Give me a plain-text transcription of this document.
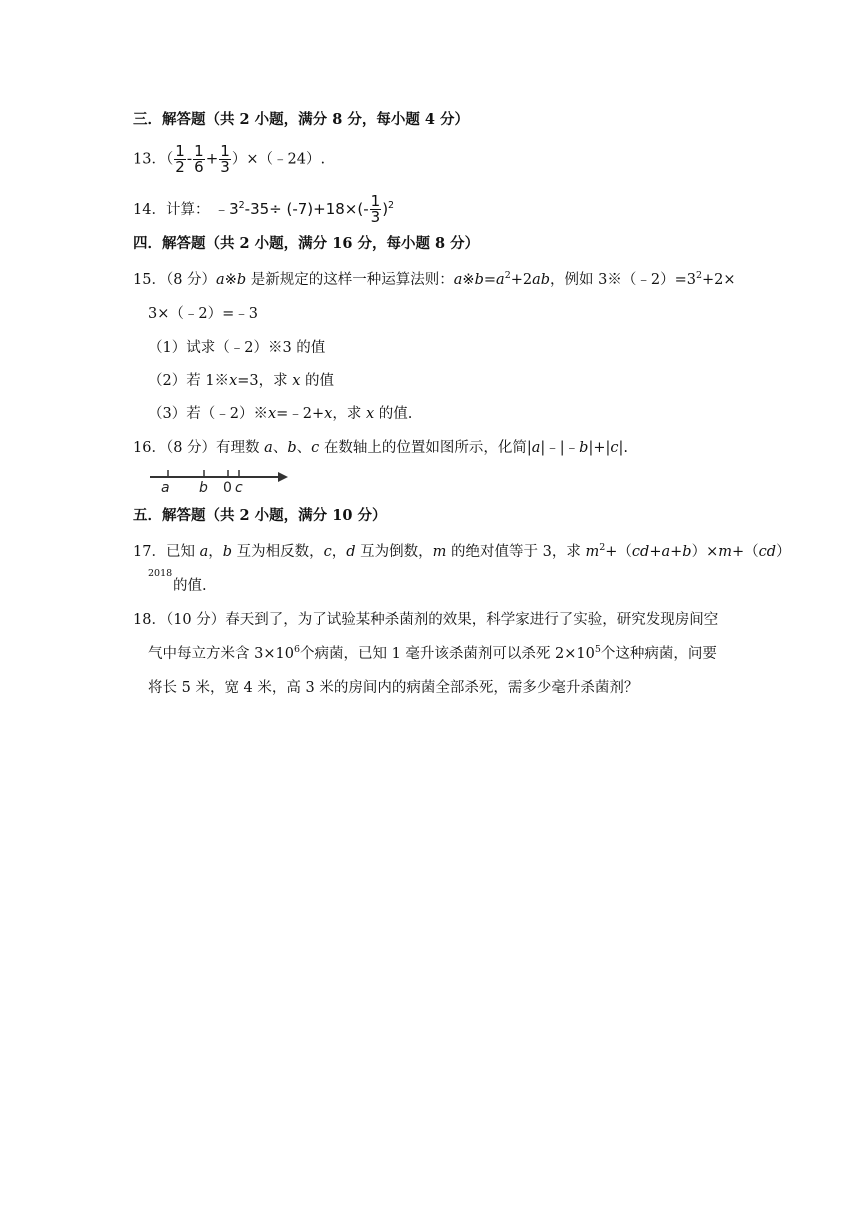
三．解答题（共 2 小题，满分 8 分，每小题 4 分）
13．（ $\frac{1}{2} - \frac{1}{6} + \frac{1}{3}$ ）×（﹣24）.
14．计算： $﹣3^2-35\div (-7)+18\times(- \frac{1}{3} )^2$
四．解答题（共 2 小题，满分 16 分，每小题 8 分）
15．（8 分）a※b 是新规定的这样一种运算法则：$a※b=a^2+2ab$，例如 $3※(﹣2)=3^2+2\times$
3×（﹣2）=﹣3
（1）试求（﹣2）※3 的值
（2）若 1※x=3，求 x 的值
（3）若（﹣2）※x=﹣2+x，求 x 的值.
16．（8 分）有理数 a、b、c 在数轴上的位置如图所示，化简|a|﹣|﹣b|+|c|.
a b 0 c
五．解答题（共 2 小题，满分 10 分）
17．已知 a，b 互为相反数，c，d 互为倒数，m 的绝对值等于 3，求 $m^2+(cd+a+b)\times m+(cd)$
2018
的值.
18．（10 分）春天到了，为了试验某种杀菌剂的效果，科学家进行了实验，研究发现房间空
气中每立方米含 $3\times 10^6$个病菌，已知 1 毫升该杀菌剂可以杀死 $2\times 10^5$个这种病菌，问要
将长 5 米，宽 4 米，高 3 米的房间内的病菌全部杀死，需多少毫升杀菌剂？
